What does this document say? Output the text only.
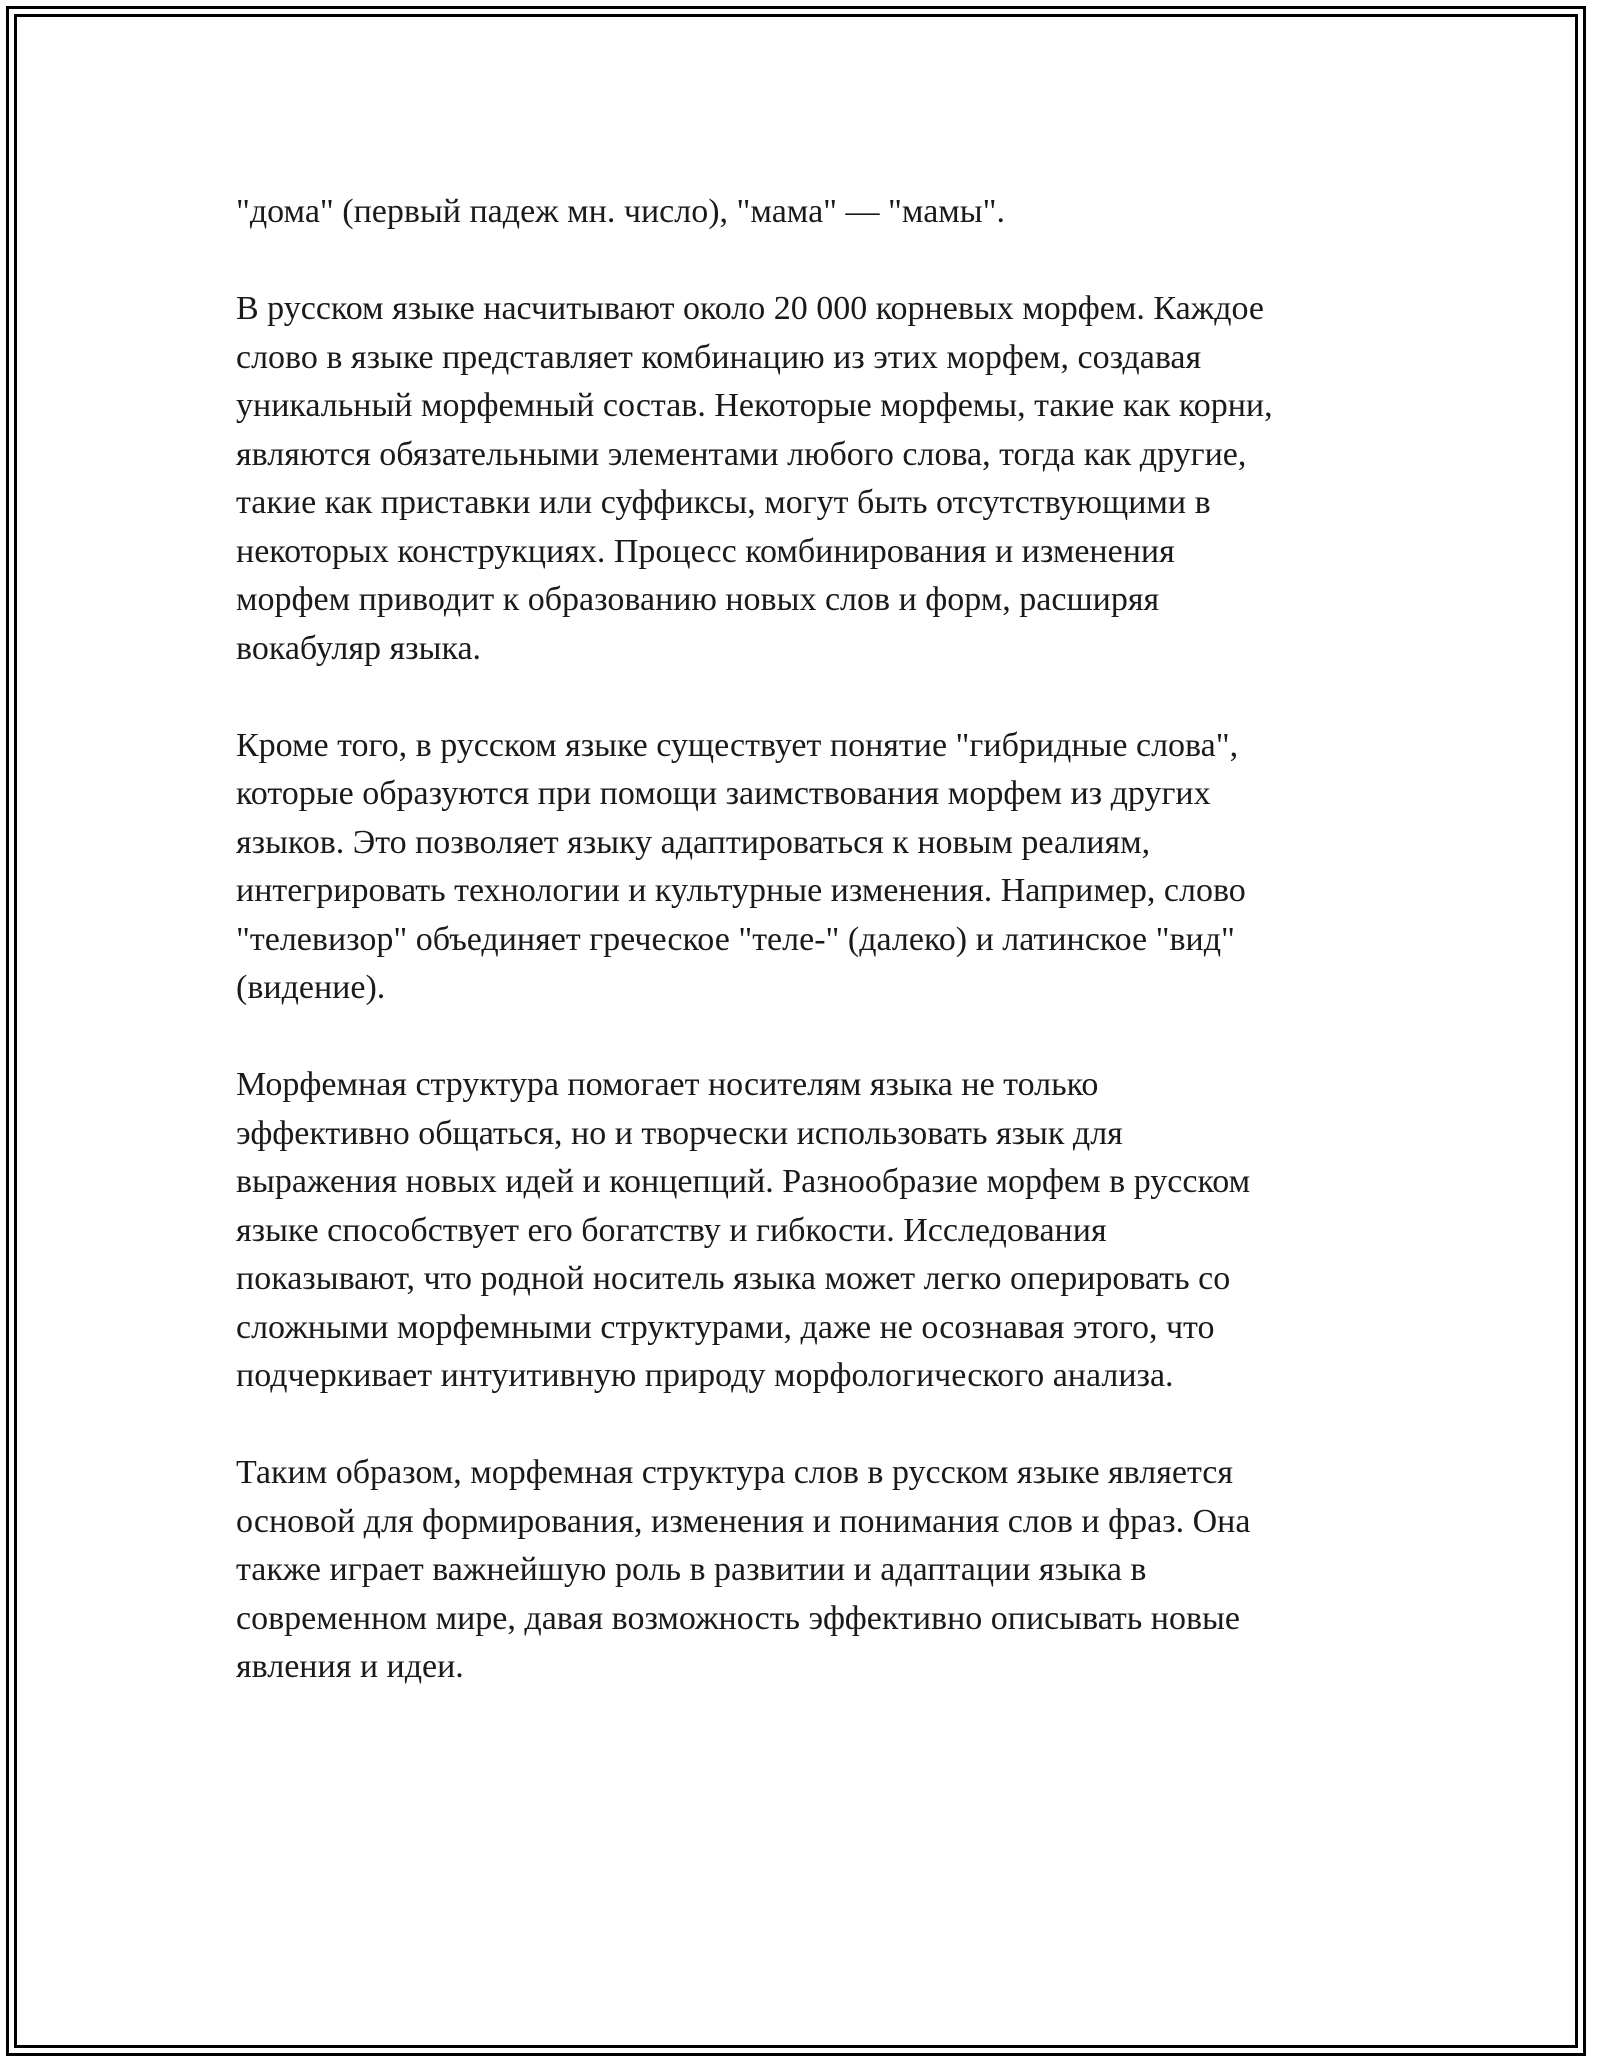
"дома" (первый падеж мн. число), "мама" — "мамы".

В русском языке насчитывают около 20 000 корневых морфем. Каждое
слово в языке представляет комбинацию из этих морфем, создавая
уникальный морфемный состав. Некоторые морфемы, такие как корни,
являются обязательными элементами любого слова, тогда как другие,
такие как приставки или суффиксы, могут быть отсутствующими в
некоторых конструкциях. Процесс комбинирования и изменения
морфем приводит к образованию новых слов и форм, расширяя
вокабуляр языка.

Кроме того, в русском языке существует понятие "гибридные слова",
которые образуются при помощи заимствования морфем из других
языков. Это позволяет языку адаптироваться к новым реалиям,
интегрировать технологии и культурные изменения. Например, слово
"телевизор" объединяет греческое "теле-" (далеко) и латинское "вид"
(видение).

Морфемная структура помогает носителям языка не только
эффективно общаться, но и творчески использовать язык для
выражения новых идей и концепций. Разнообразие морфем в русском
языке способствует его богатству и гибкости. Исследования
показывают, что родной носитель языка может легко оперировать со
сложными морфемными структурами, даже не осознавая этого, что
подчеркивает интуитивную природу морфологического анализа.

Таким образом, морфемная структура слов в русском языке является
основой для формирования, изменения и понимания слов и фраз. Она
также играет важнейшую роль в развитии и адаптации языка в
современном мире, давая возможность эффективно описывать новые
явления и идеи.
